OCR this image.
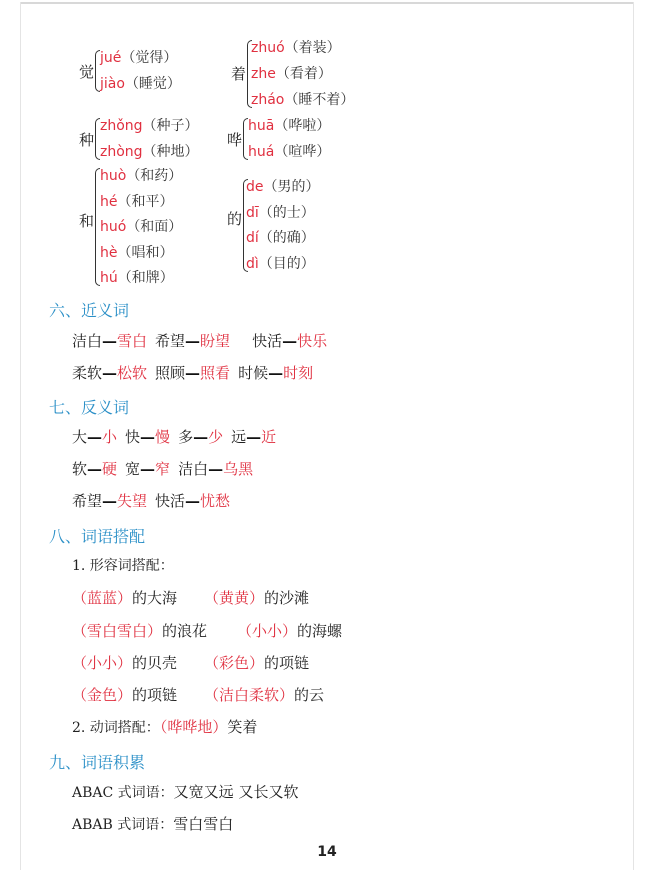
觉
jué（觉得）
jiào（睡觉）
着
zhuó（着装）
zhe（看着）
zháo（睡不着）
种
zhǒng（种子）
zhòng（种地）
哗
huā（哗啦）
huá（喧哗）
和
huò（和药）
hé（和平）
huó（和面）
hè（唱和）
hú（和牌）
的
de（男的）
dī（的士）
dí（的确）
dì（目的）
六、近义词
洁白—雪白 希望—盼望 快活—快乐
柔软—松软 照顾—照看 时候—时刻
七、反义词
大—小 快—慢 多—少 远—近
软—硬 宽—窄 洁白—乌黑
希望—失望 快活—忧愁
八、词语搭配
1. 形容词搭配：
（蓝蓝）的大海 （黄黄）的沙滩
（雪白雪白）的浪花 （小小）的海螺
（小小）的贝壳 （彩色）的项链
（金色）的项链 （洁白柔软）的云
2. 动词搭配：（哗哗地）笑着
九、词语积累
ABAC 式词语：又宽又远 又长又软
ABAB 式词语：雪白雪白
14
